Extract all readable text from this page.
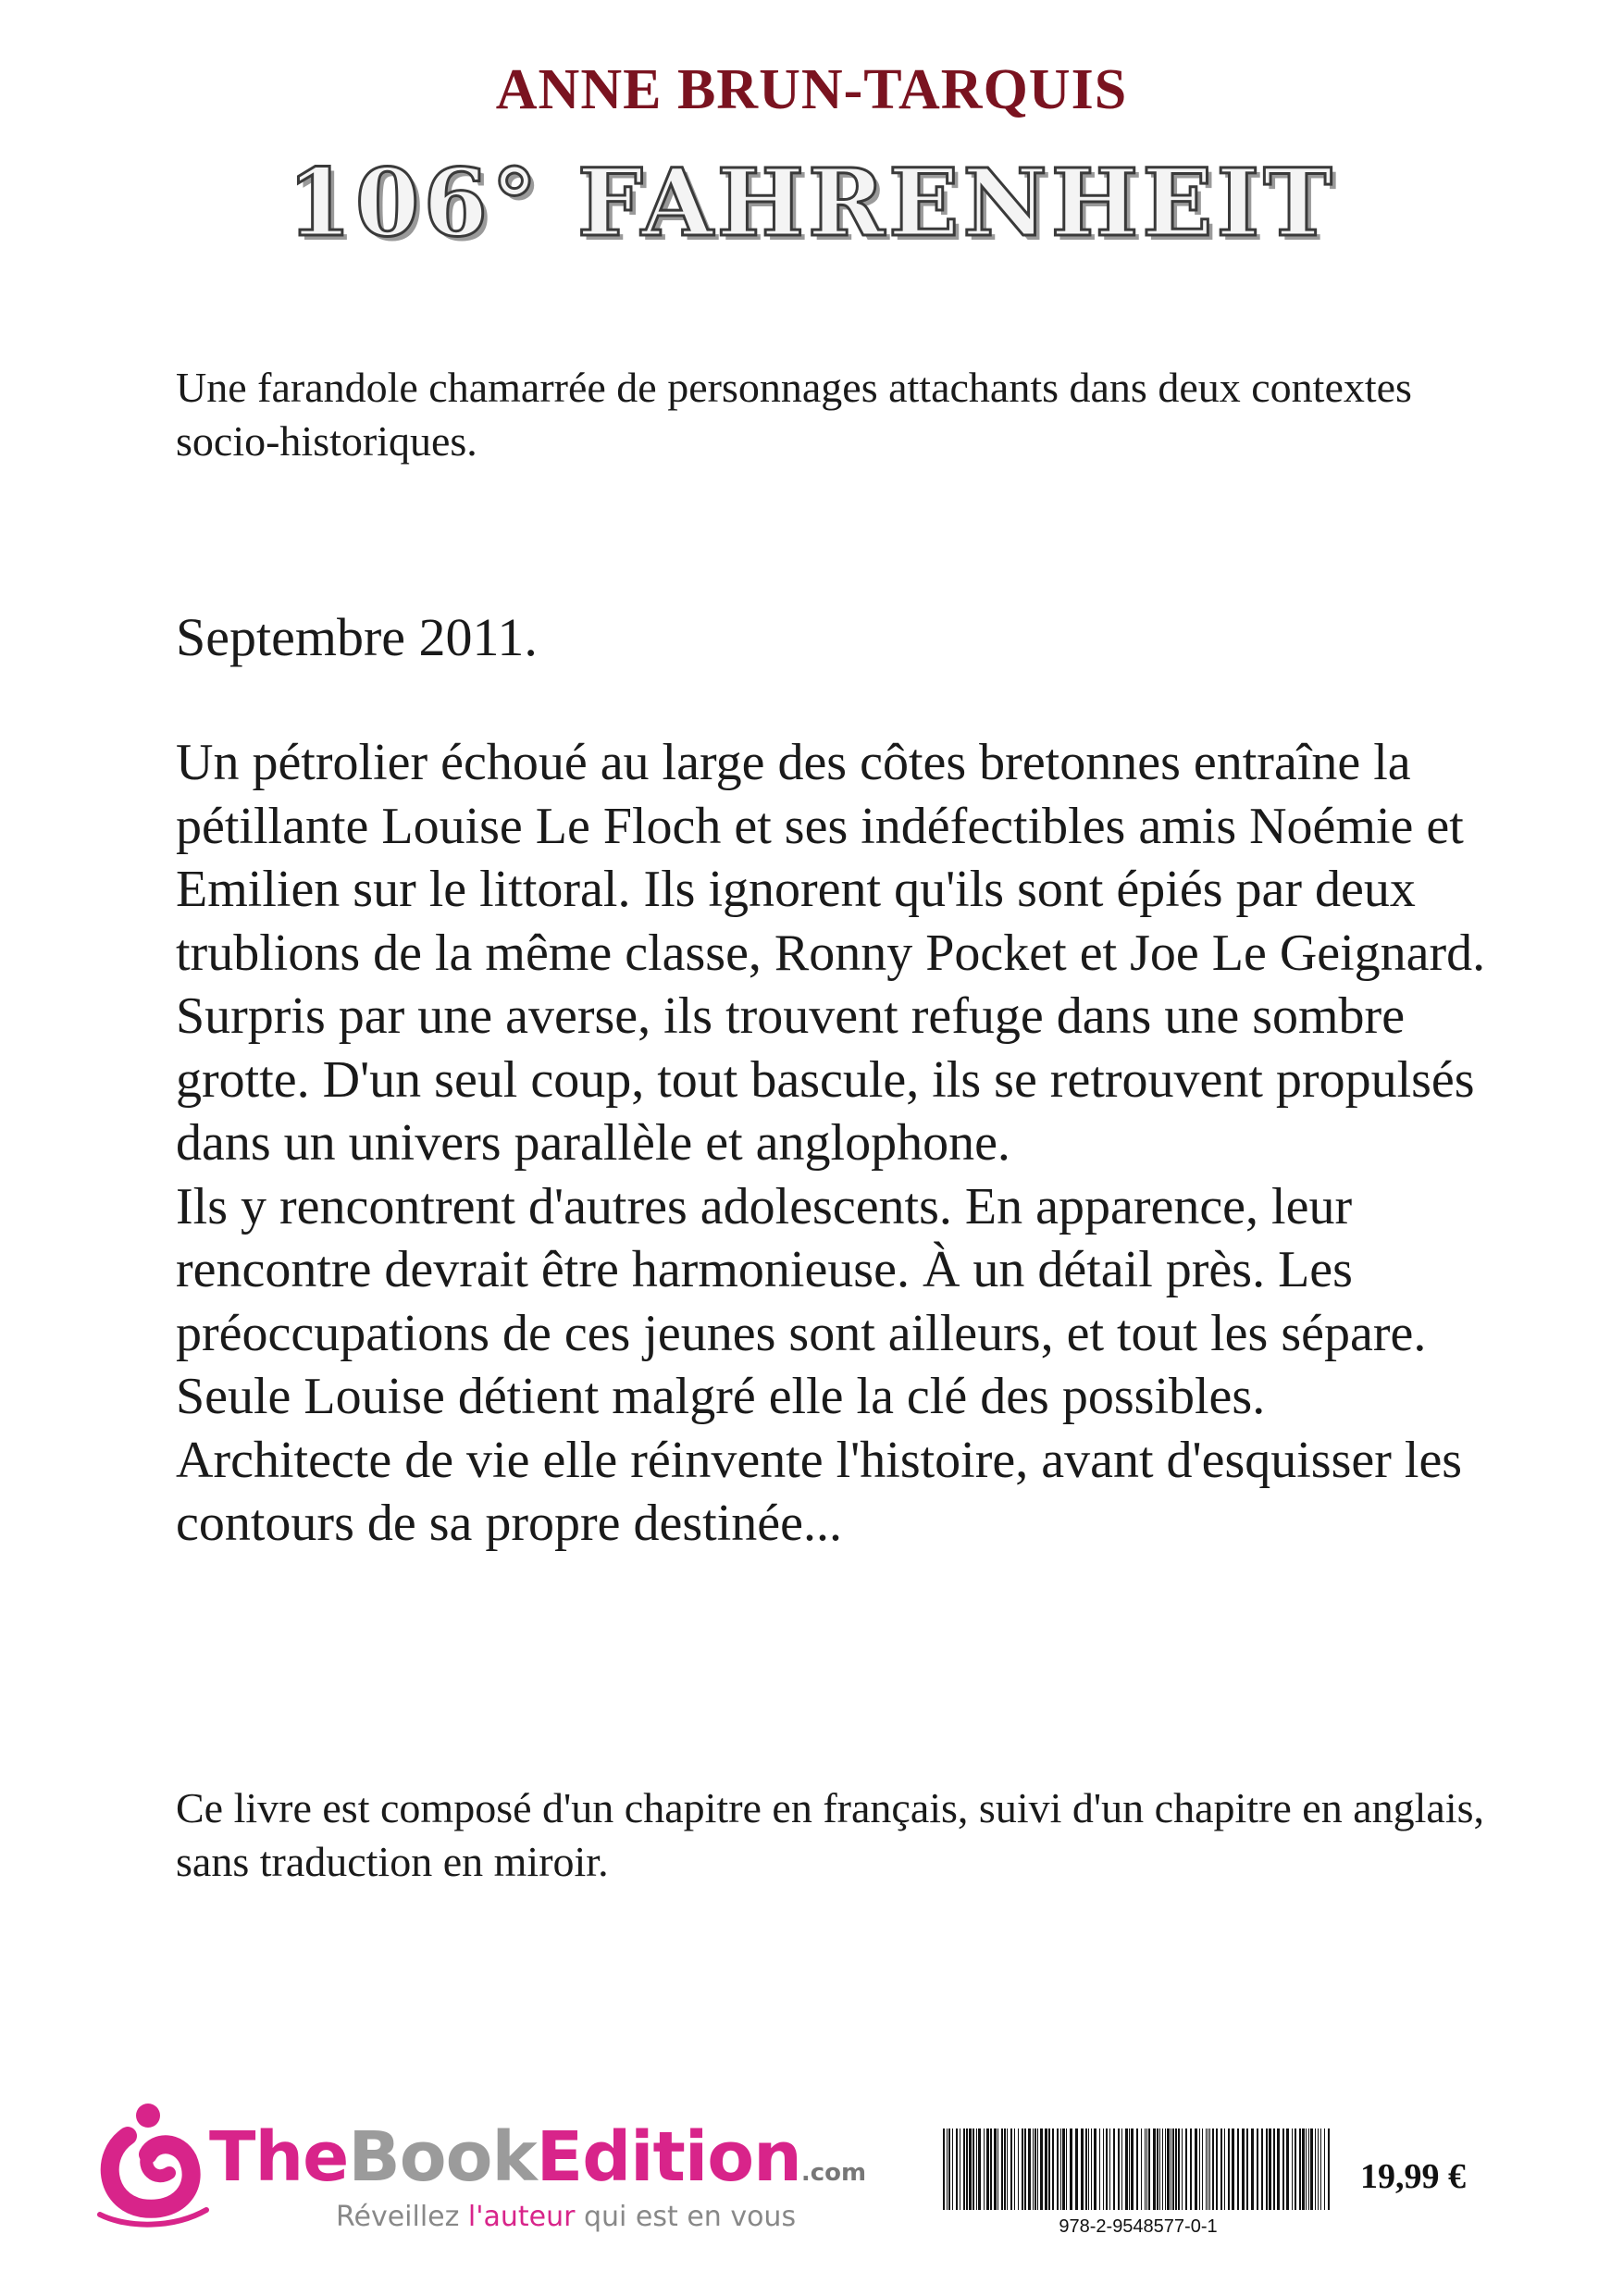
ANNE BRUN-TARQUIS
106° FAHRENHEIT
Une farandole chamarrée de personnages attachants dans deux contextes socio-historiques.
Septembre 2011.

Un pétrolier échoué au large des côtes bretonnes entraîne la pétillante Louise Le Floch et ses indéfectibles amis Noémie et Emilien sur le littoral. Ils ignorent qu'ils sont épiés par deux trublions de la même classe, Ronny Pocket et Joe Le Geignard. Surpris par une averse, ils trouvent refuge dans une sombre grotte. D'un seul coup, tout bascule, ils se retrouvent propulsés dans un univers parallèle et anglophone.

Ils y rencontrent d'autres adolescents. En apparence, leur rencontre devrait être harmonieuse. À un détail près. Les préoccupations de ces jeunes sont ailleurs, et tout les sépare. Seule Louise détient malgré elle la clé des possibles. Architecte de vie elle réinvente l'histoire, avant d'esquisser les contours de sa propre destinée...

Ce livre est composé d'un chapitre en français, suivi d'un chapitre en anglais, sans traduction en miroir.
TheBookEdition.com
Réveillez l'auteur qui est en vous	978-2-9548577-0-1
19,99 €
